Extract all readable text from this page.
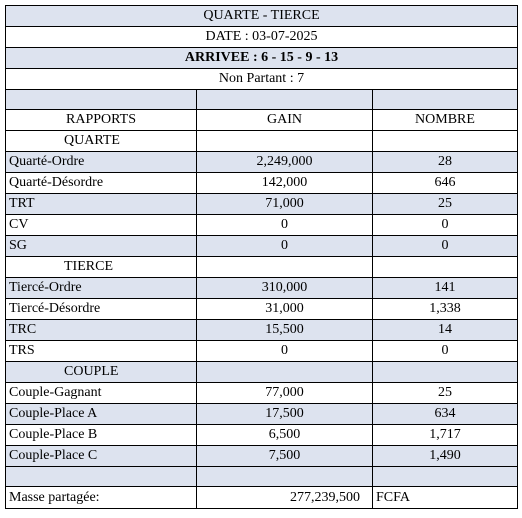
QUARTE - TIERCE		
DATE : 03-07-2025		
ARRIVEE : 6 - 15 - 9 - 13		
Non Partant : 7		

RAPPORTS	GAIN	NOMBRE
QUARTE		
Quarté-Ordre	2,249,000	28
Quarté-Désordre	142,000	646
TRT	71,000	25
CV	0	0
SG	0	0
TIERCE		
Tiercé-Ordre	310,000	141
Tiercé-Désordre	31,000	1,338
TRC	15,500	14
TRS	0	0
COUPLE		
Couple-Gagnant	77,000	25
Couple-Place A	17,500	634
Couple-Place B	6,500	1,717
Couple-Place C	7,500	1,490

Masse partagée:	277,239,500	FCFA
